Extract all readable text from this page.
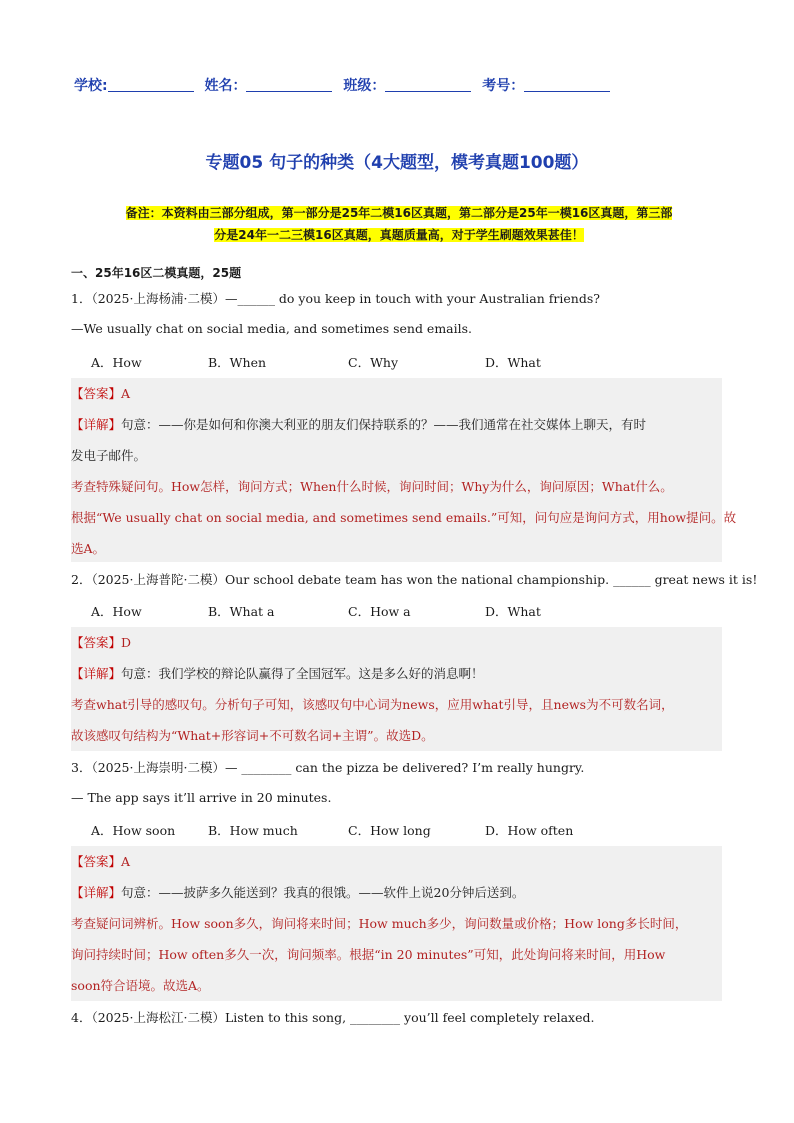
学校:	姓名：	班级：	考号：
专题05 句子的种类（4大题型，模考真题100题）
备注：本资料由三部分组成，第一部分是25年二模16区真题，第二部分是25年一模16区真题，第三部
分是24年一二三模16区真题，真题质量高，对于学生刷题效果甚佳！
一、25年16区二模真题，25题
1．（2025·上海杨浦·二模）—______ do you keep in touch with your Australian friends?
—We usually chat on social media, and sometimes send emails.
A．How	B．When	C．Why	D．What
【答案】A
【详解】句意：——你是如何和你澳大利亚的朋友们保持联系的？——我们通常在社交媒体上聊天，有时
发电子邮件。
考查特殊疑问句。How怎样，询问方式；When什么时候，询问时间；Why为什么，询问原因；What什么。
根据“We usually chat on social media, and sometimes send emails.”可知，问句应是询问方式，用how提问。故
选A。
2．（2025·上海普陀·二模）Our school debate team has won the national championship. ______ great news it is!
A．How	B．What a	C．How a	D．What
【答案】D
【详解】句意：我们学校的辩论队赢得了全国冠军。这是多么好的消息啊！
考查what引导的感叹句。分析句子可知，该感叹句中心词为news，应用what引导，且news为不可数名词，
故该感叹句结构为“What+形容词+不可数名词+主谓”。故选D。
3．（2025·上海崇明·二模）— ________ can the pizza be delivered? I’m really hungry.
— The app says it’ll arrive in 20 minutes.
A．How soon	B．How much	C．How long	D．How often
【答案】A
【详解】句意：——披萨多久能送到？我真的很饿。——软件上说20分钟后送到。
考查疑问词辨析。How soon多久，询问将来时间；How much多少，询问数量或价格；How long多长时间，
询问持续时间；How often多久一次，询问频率。根据“in 20 minutes”可知，此处询问将来时间，用How
soon符合语境。故选A。
4．（2025·上海松江·二模）Listen to this song, ________ you’ll feel completely relaxed.
